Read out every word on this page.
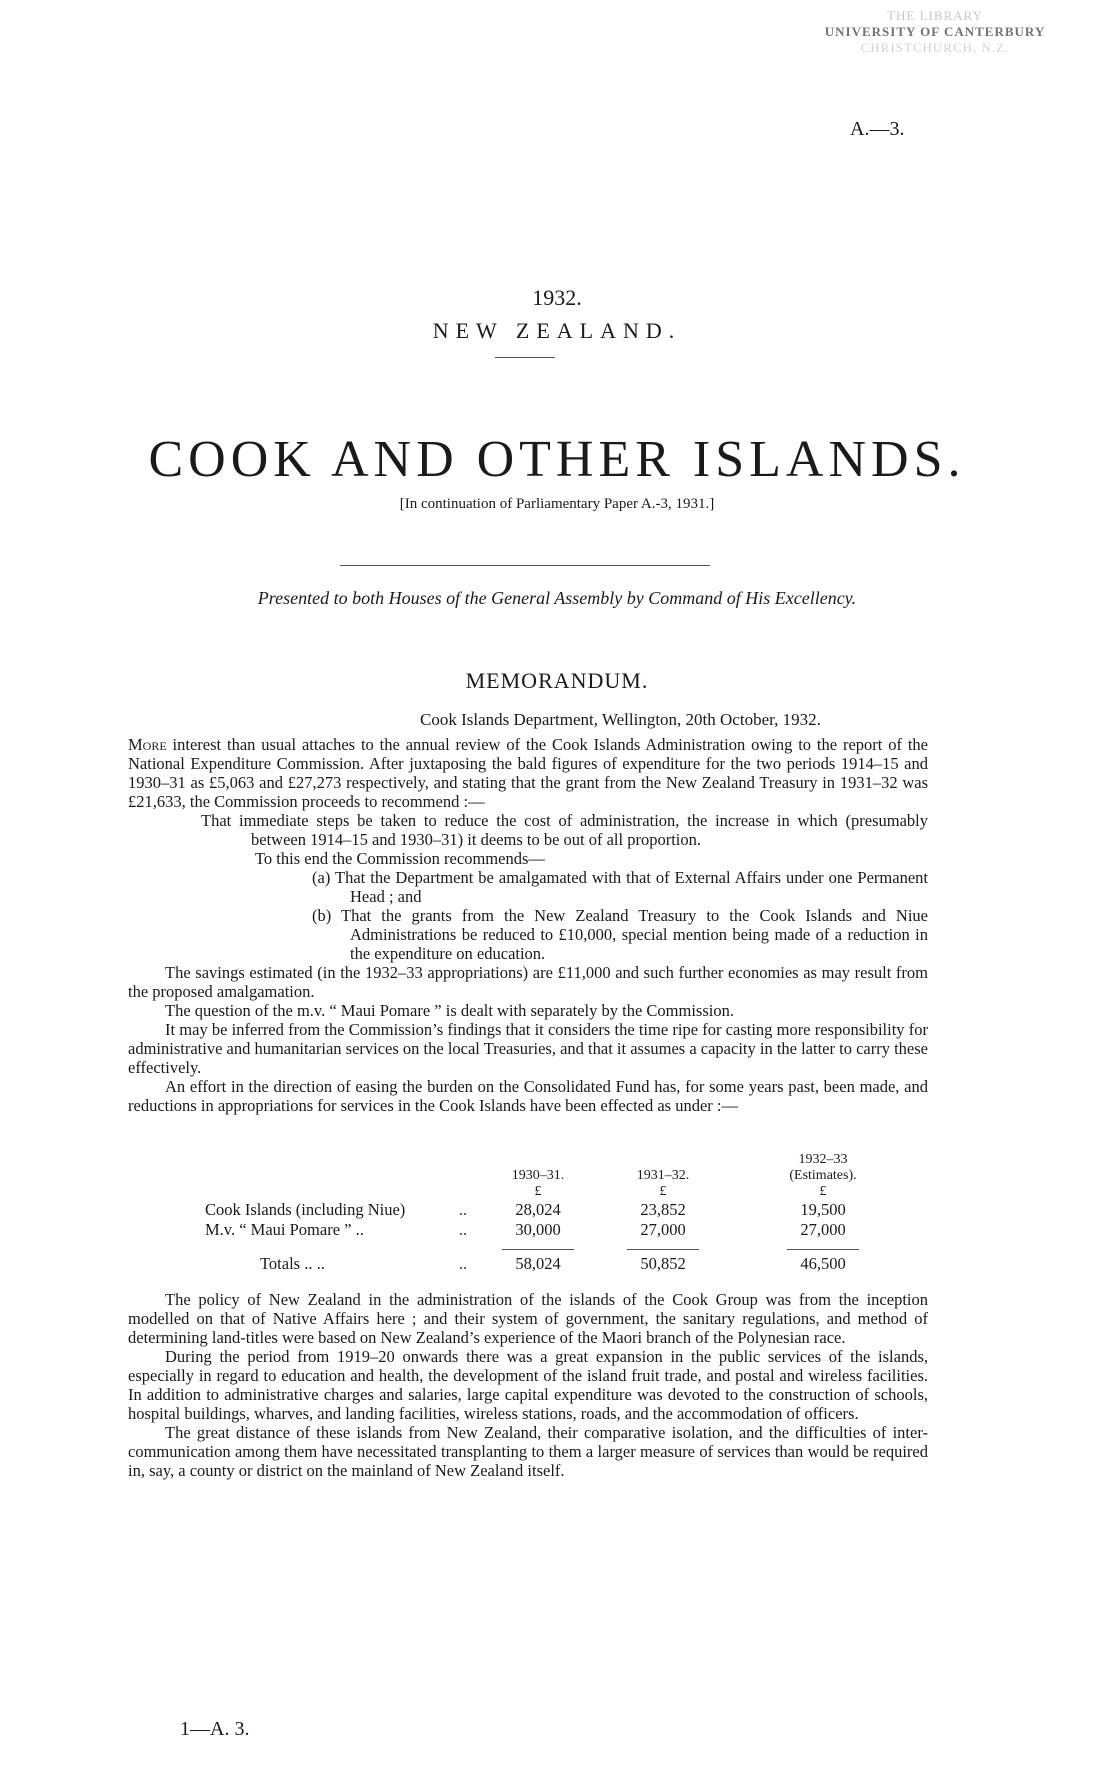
THE LIBRARY
UNIVERSITY OF CANTERBURY
CHRISTCHURCH, N.Z.
A.—3.
1932.
NEW ZEALAND.
COOK AND OTHER ISLANDS.
[In continuation of Parliamentary Paper A.-3, 1931.]
Presented to both Houses of the General Assembly by Command of His Excellency.
MEMORANDUM.
Cook Islands Department, Wellington, 20th October, 1932.

More interest than usual attaches to the annual review of the Cook Islands Administration owing to the report of the National Expenditure Commission. After juxtaposing the bald figures of expenditure for the two periods 1914–15 and 1930–31 as £5,063 and £27,273 respectively, and stating that the grant from the New Zealand Treasury in 1931–32 was £21,633, the Commission proceeds to recommend :—

That immediate steps be taken to reduce the cost of administration, the increase in which (presumably between 1914–15 and 1930–31) it deems to be out of all proportion.

To this end the Commission recommends—

(a) That the Department be amalgamated with that of External Affairs under one Permanent Head ; and

(b) That the grants from the New Zealand Treasury to the Cook Islands and Niue Administrations be reduced to £10,000, special mention being made of a reduction in the expenditure on education.

The savings estimated (in the 1932–33 appropriations) are £11,000 and such further economies as may result from the proposed amalgamation.

The question of the m.v. “ Maui Pomare ” is dealt with separately by the Commission.

It may be inferred from the Commission’s findings that it considers the time ripe for casting more responsibility for administrative and humanitarian services on the local Treasuries, and that it assumes a capacity in the latter to carry these effectively.

An effort in the direction of easing the burden on the Consolidated Fund has, for some years past, been made, and reductions in appropriations for services in the Cook Islands have been effected as under :—

		1930–31.	1931–32.	1932–33
(Estimates).

		£	£	£
Cook Islands (including Niue)	..	28,024	23,852	19,500
M.v. “ Maui Pomare ” ..	..	30,000	27,000	27,000

Totals .. ..	..	58,024	50,852	46,500

The policy of New Zealand in the administration of the islands of the Cook Group was from the inception modelled on that of Native Affairs here ; and their system of government, the sanitary regulations, and method of determining land-titles were based on New Zealand’s experience of the Maori branch of the Polynesian race.

During the period from 1919–20 onwards there was a great expansion in the public services of the islands, especially in regard to education and health, the development of the island fruit trade, and postal and wireless facilities. In addition to administrative charges and salaries, large capital expenditure was devoted to the construction of schools, hospital buildings, wharves, and landing facilities, wireless stations, roads, and the accommodation of officers.

The great distance of these islands from New Zealand, their comparative isolation, and the difficulties of inter-communication among them have necessitated transplanting to them a larger measure of services than would be required in, say, a county or district on the mainland of New Zealand itself.

1—A. 3.
